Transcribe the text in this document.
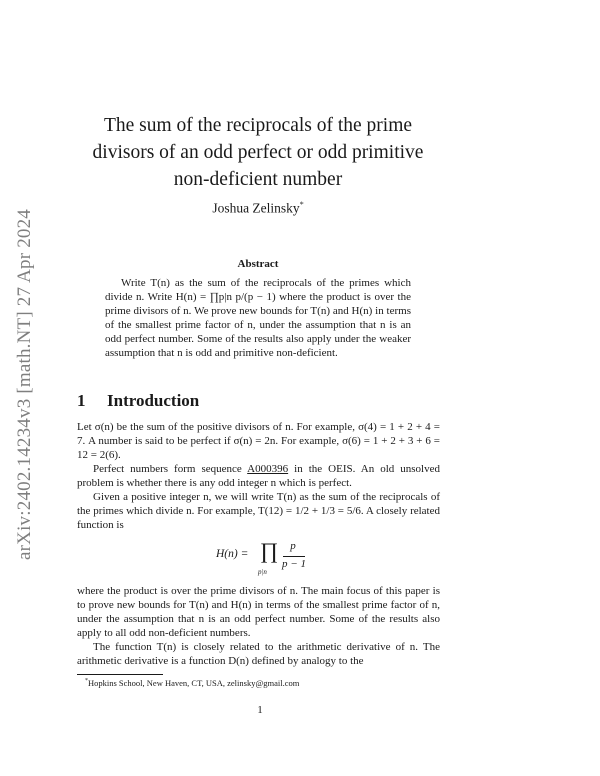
arXiv:2402.14234v3 [math.NT] 27 Apr 2024
The sum of the reciprocals of the prime
divisors of an odd perfect or odd primitive
non-deficient number
Joshua Zelinsky*
Abstract
Write T(n) as the sum of the reciprocals of the primes which divide n. Write H(n) = ∏p|n p/(p − 1) where the product is over the prime divisors of n. We prove new bounds for T(n) and H(n) in terms of the smallest prime factor of n, under the assumption that n is an odd perfect number. Some of the results also apply under the weaker assumption that n is odd and primitive non-deficient.
1 Introduction

Let σ(n) be the sum of the positive divisors of n. For example, σ(4) = 1 + 2 + 4 = 7. A number is said to be perfect if σ(n) = 2n. For example, σ(6) = 1 + 2 + 3 + 6 = 12 = 2(6).

Perfect numbers form sequence A000396 in the OEIS. An old unsolved problem is whether there is any odd integer n which is perfect.

Given a positive integer n, we will write T(n) as the sum of the reciprocals of the primes which divide n. For example, T(12) = 1/2 + 1/3 = 5/6. A closely related function is

H(n) = ∏
p|n
p
p − 1

where the product is over the prime divisors of n. The main focus of this paper is to prove new bounds for T(n) and H(n) in terms of the smallest prime factor of n, under the assumption that n is an odd perfect number. Some of the results also apply to all odd non-deficient numbers.

The function T(n) is closely related to the arithmetic derivative of n. The arithmetic derivative is a function D(n) defined by analogy to the

*Hopkins School, New Haven, CT, USA, zelinsky@gmail.com
1
